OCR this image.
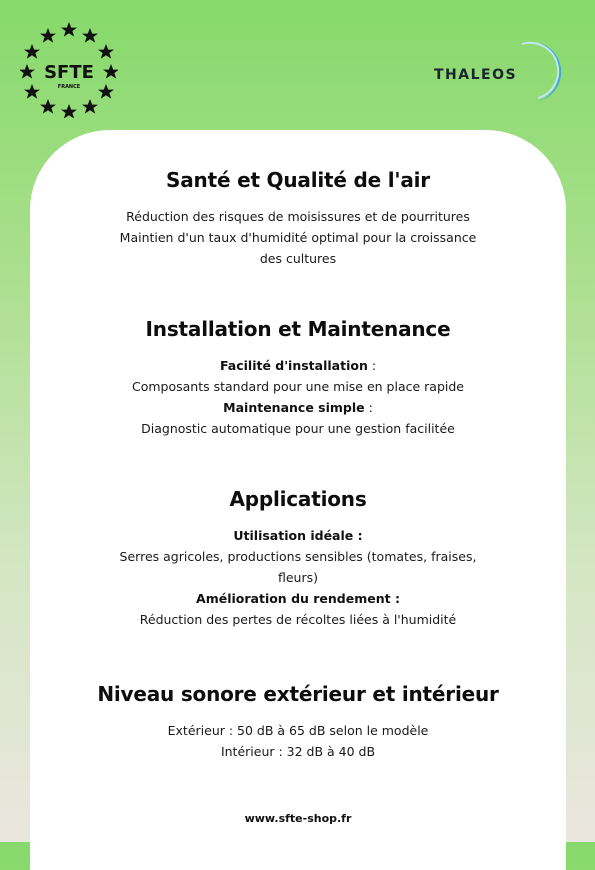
SFTE
FRANCE
THALEOS
Santé et Qualité de l'air

Réduction des risques de moisissures et de pourritures

Maintien d'un taux d'humidité optimal pour la croissance des cultures

Installation et Maintenance

Facilité d'installation :

Composants standard pour une mise en place rapide

Maintenance simple :

Diagnostic automatique pour une gestion facilitée

Applications

Utilisation idéale :

Serres agricoles, productions sensibles (tomates, fraises, fleurs)

Amélioration du rendement :

Réduction des pertes de récoltes liées à l'humidité

Niveau sonore extérieur et intérieur

Extérieur : 50 dB à 65 dB selon le modèle

Intérieur : 32 dB à 40 dB

www.sfte-shop.fr
